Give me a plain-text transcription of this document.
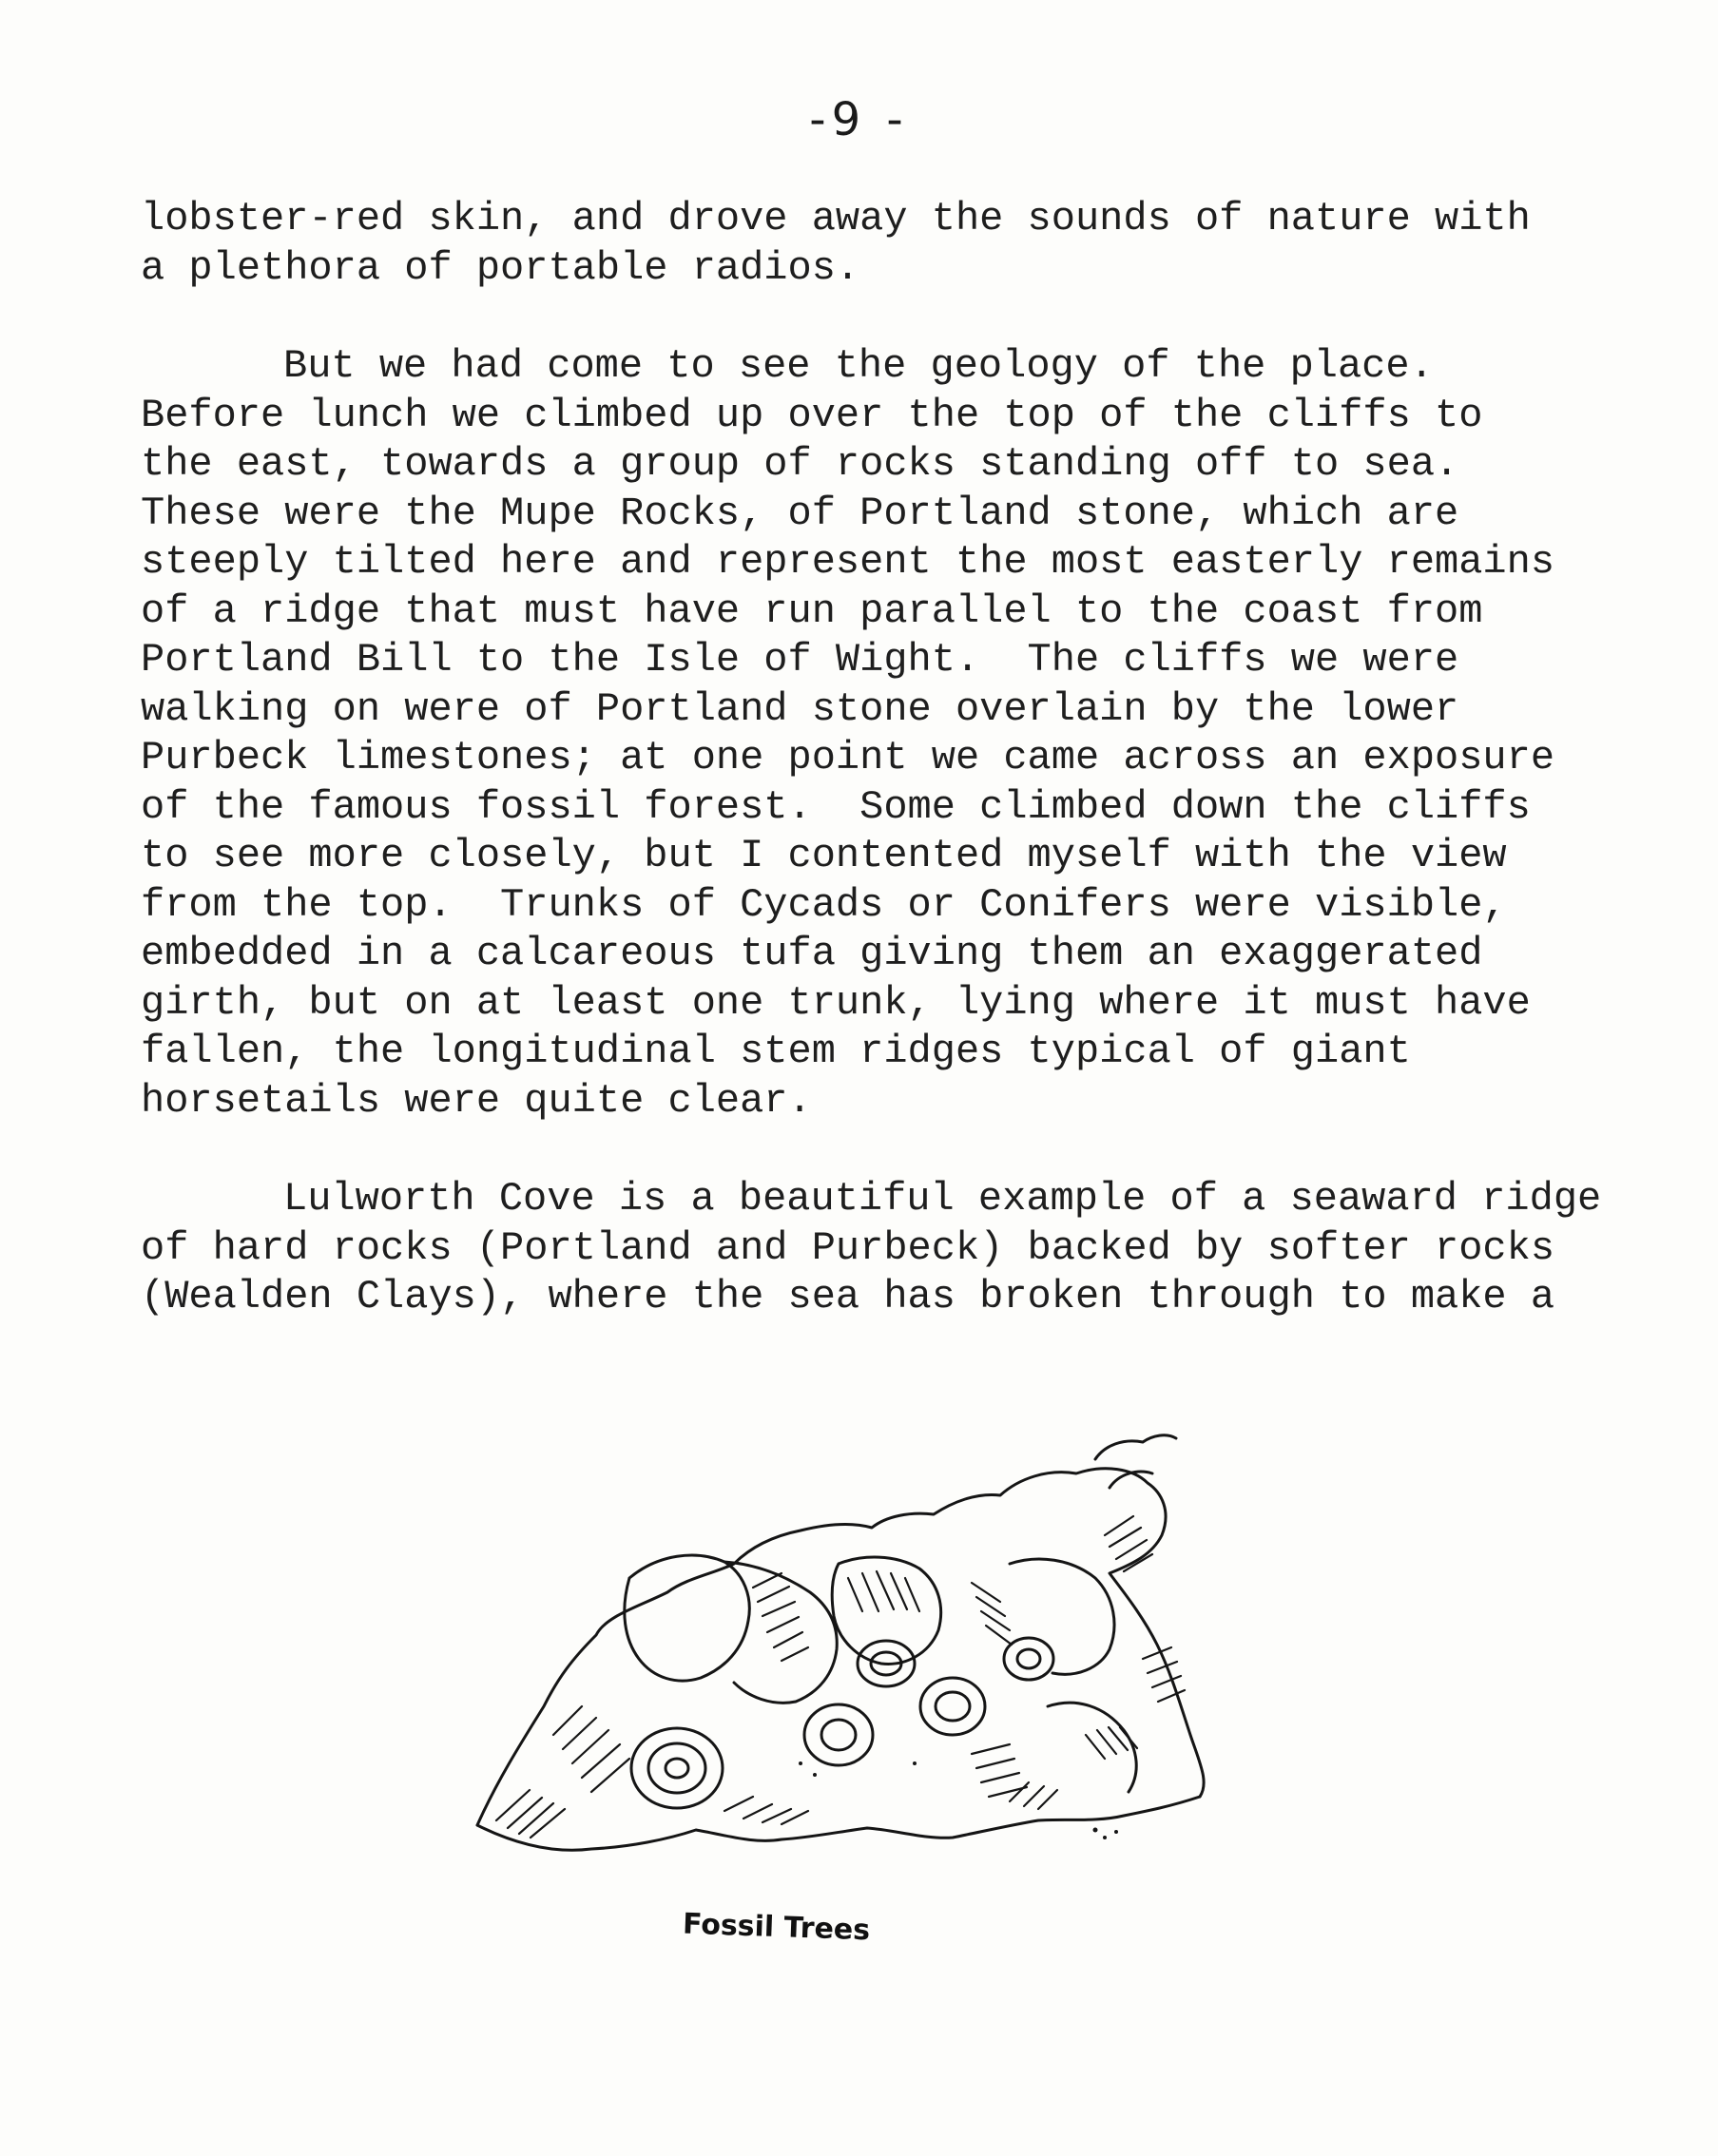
-9 -
lobster-red skin, and drove away the sounds of nature with
a plethora of portable radios.
But we had come to see the geology of the place.
Before lunch we climbed up over the top of the cliffs to
the east, towards a group of rocks standing off to sea.
These were the Mupe Rocks, of Portland stone, which are
steeply tilted here and represent the most easterly remains
of a ridge that must have run parallel to the coast from
Portland Bill to the Isle of Wight.  The cliffs we were
walking on were of Portland stone overlain by the lower
Purbeck limestones; at one point we came across an exposure
of the famous fossil forest.  Some climbed down the cliffs
to see more closely, but I contented myself with the view
from the top.  Trunks of Cycads or Conifers were visible,
embedded in a calcareous tufa giving them an exaggerated
girth, but on at least one trunk, lying where it must have
fallen, the longitudinal stem ridges typical of giant
horsetails were quite clear.
Lulworth Cove is a beautiful example of a seaward ridge
of hard rocks (Portland and Purbeck) backed by softer rocks
(Wealden Clays), where the sea has broken through to make a
Fossil Trees
